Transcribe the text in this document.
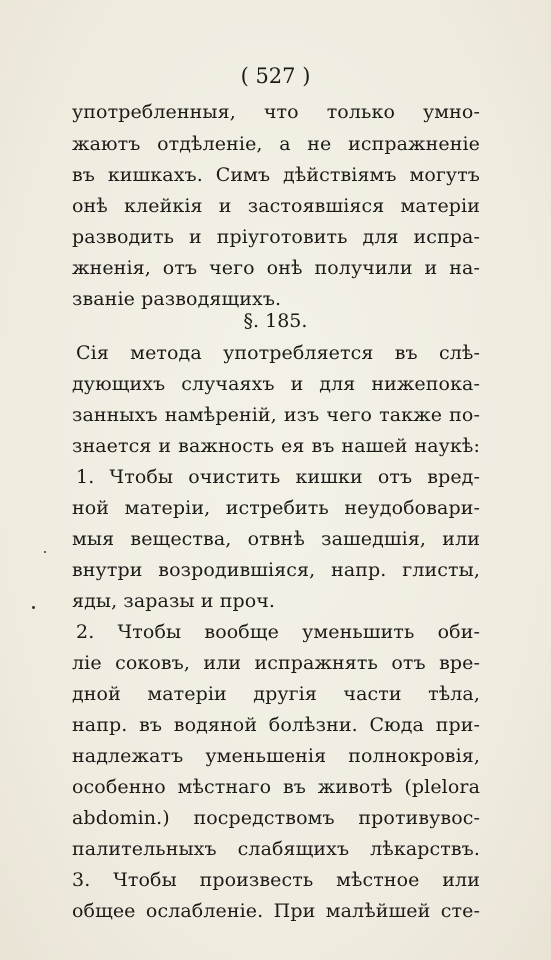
( 527 )
употребленныя, что только умно-
жаютъ отдѣленіе, а не испражненіе
въ кишкахъ. Симъ дѣйствіямъ могутъ
онѣ клейкія и застоявшіяся матеріи
разводить и пріуготовить для испра-
жненія, отъ чего онѣ получили и на-
званіе разводящихъ.
§. 185.
Сія метода употребляется въ слѣ-
дующихъ случаяхъ и для нижепока-
занныхъ намѣреній, изъ чего также по-
знается и важность ея въ нашей наукѣ:
1. Чтобы очистить кишки отъ вред-
ной матеріи, истребить неудобовари-
мыя вещества, отвнѣ зашедшія, или
внутри возродившіяся, напр. глисты,
яды, заразы и проч.
2. Чтобы вообще уменьшить оби-
ліе соковъ, или испражнять отъ вре-
дной матеріи другія части тѣла,
напр. въ водяной болѣзни. Сюда при-
надлежатъ уменьшенія полнокровія,
особенно мѣстнаго въ животѣ (plelora
abdomin.) посредствомъ противувос-
палительныхъ слабящихъ лѣкарствъ.
3. Чтобы произвесть мѣстное или
общее ослабленіе. При малѣйшей сте-
